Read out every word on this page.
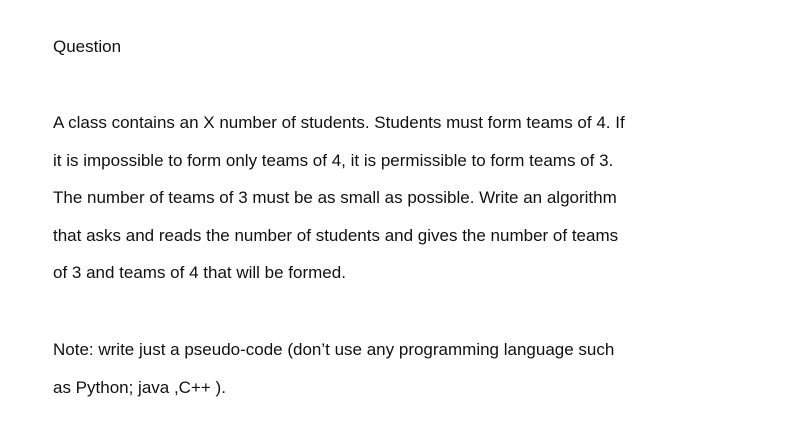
Question

A class contains an X number of students. Students must form teams of 4. If
it is impossible to form only teams of 4, it is permissible to form teams of 3.
The number of teams of 3 must be as small as possible. Write an algorithm
that asks and reads the number of students and gives the number of teams
of 3 and teams of 4 that will be formed.

Note: write just a pseudo-code (don’t use any programming language such
as Python; java ,C++ ).
